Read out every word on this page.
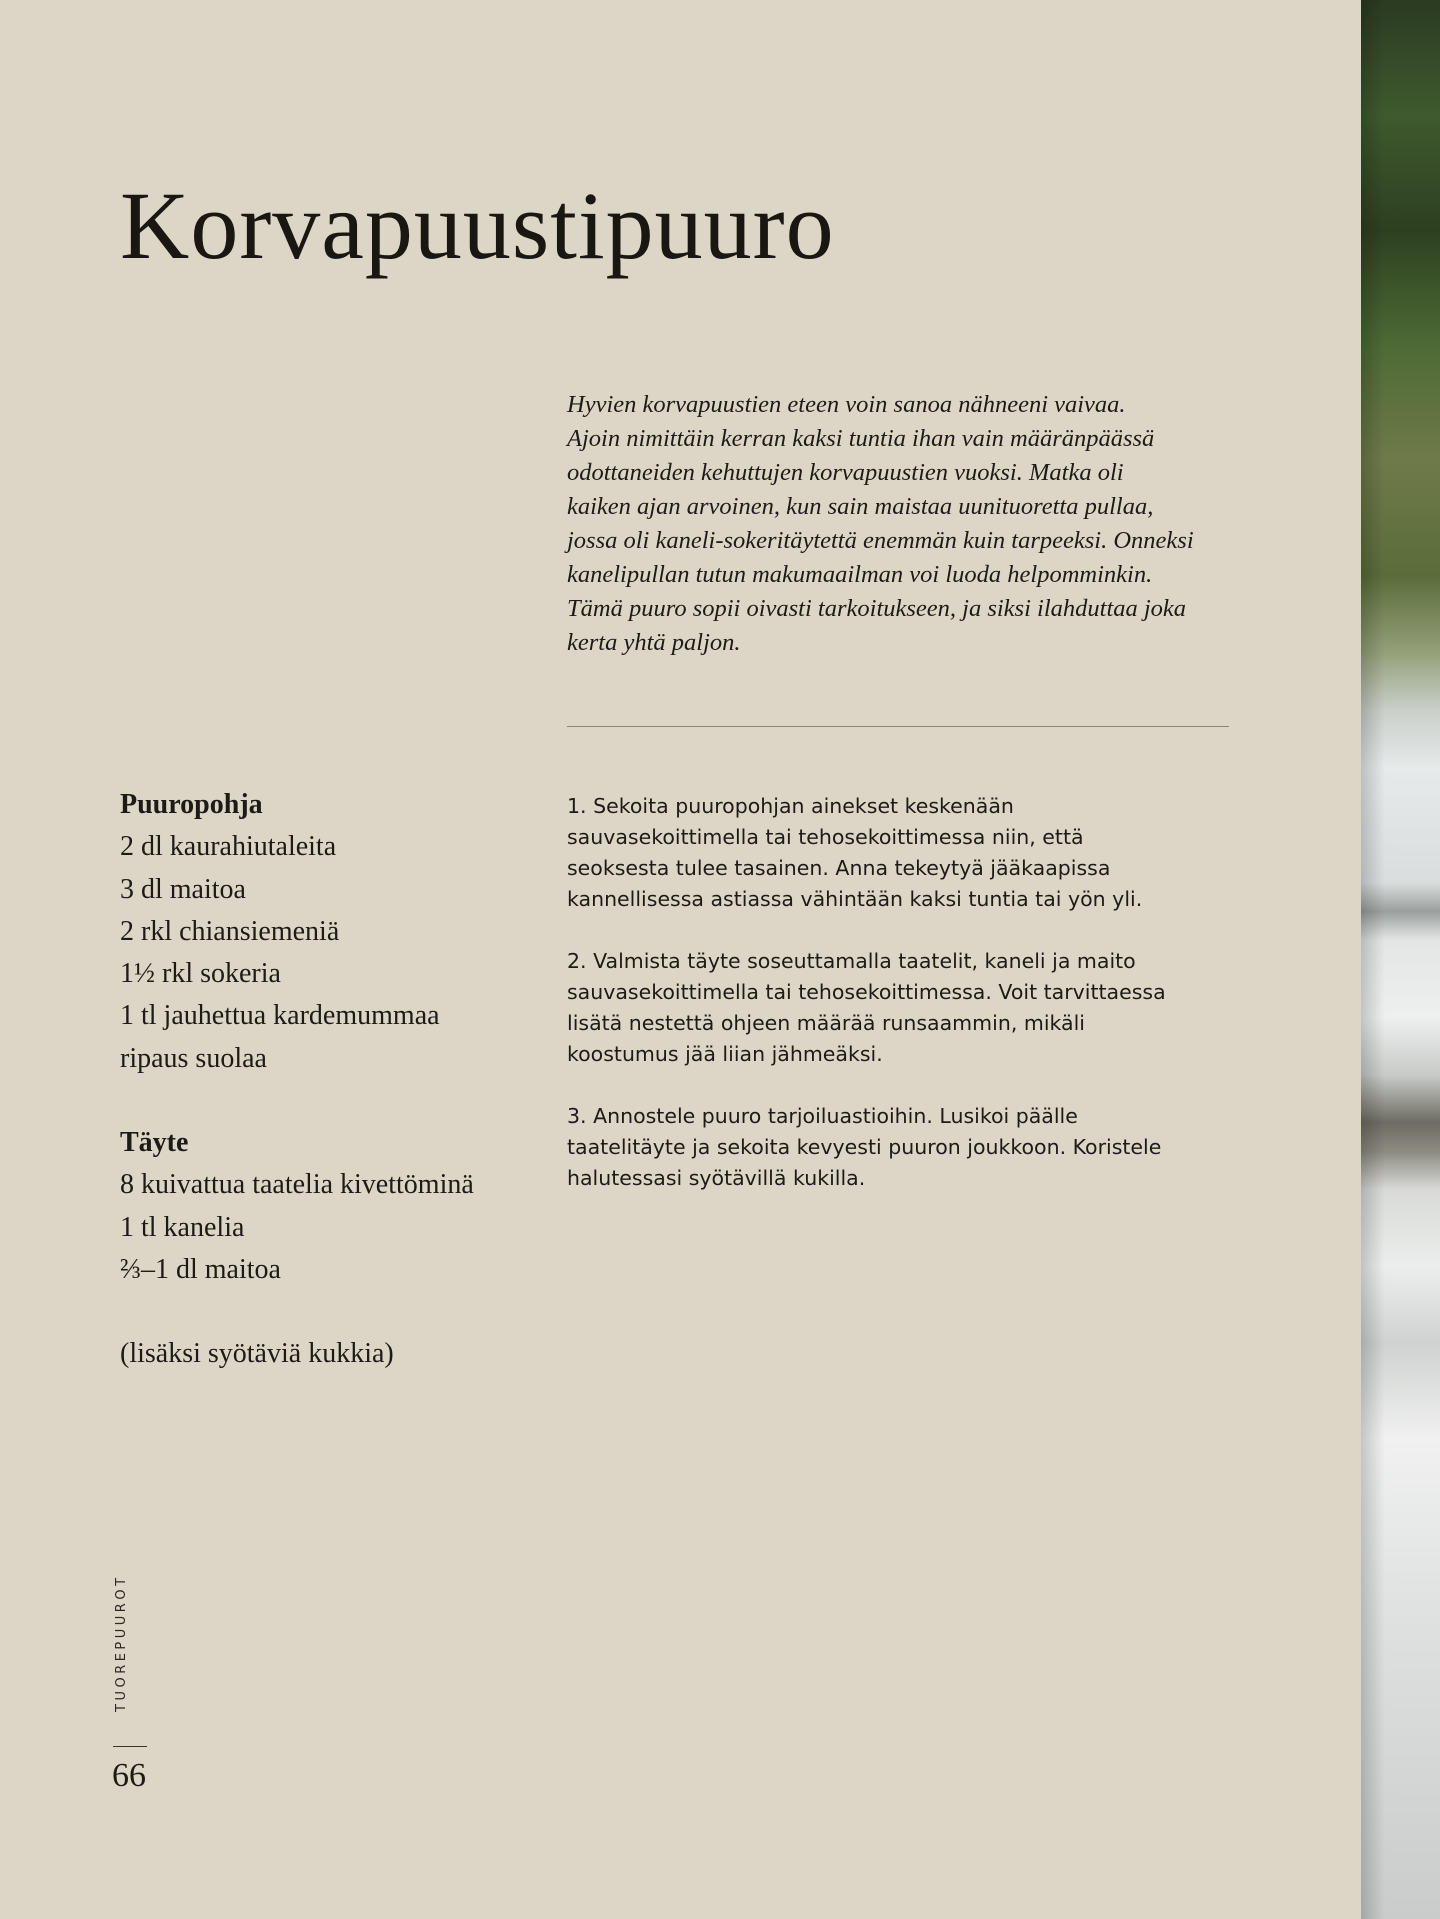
Korvapuustipuuro

Hyvien korvapuustien eteen voin sanoa nähneeni vaivaa.
Ajoin nimittäin kerran kaksi tuntia ihan vain määränpäässä
odottaneiden kehuttujen korvapuustien vuoksi. Matka oli
kaiken ajan arvoinen, kun sain maistaa uunituoretta pullaa,
jossa oli kaneli-sokeritäytettä enemmän kuin tarpeeksi. Onneksi
kanelipullan tutun makumaailman voi luoda helpomminkin.
Tämä puuro sopii oivasti tarkoitukseen, ja siksi ilahduttaa joka
kerta yhtä paljon.

Puuropohja
2 dl kaurahiutaleita
3 dl maitoa
2 rkl chiansiemeniä
1½ rkl sokeria
1 tl jauhettua kardemummaa
ripaus suolaa
Täyte
8 kuivattua taatelia kivettöminä
1 tl kanelia
⅔–1 dl maitoa
(lisäksi syötäviä kukkia)

1. Sekoita puuropohjan ainekset keskenään
sauvasekoittimella tai tehosekoittimessa niin, että
seoksesta tulee tasainen. Anna tekeytyä jääkaapissa
kannellisessa astiassa vähintään kaksi tuntia tai yön yli.

2. Valmista täyte soseuttamalla taatelit, kaneli ja maito
sauvasekoittimella tai tehosekoittimessa. Voit tarvittaessa
lisätä nestettä ohjeen määrää runsaammin, mikäli
koostumus jää liian jähmeäksi.

3. Annostele puuro tarjoiluastioihin. Lusikoi päälle
taatelitäyte ja sekoita kevyesti puuron joukkoon. Koristele
halutessasi syötävillä kukilla.

TUOREPUUROT
66
